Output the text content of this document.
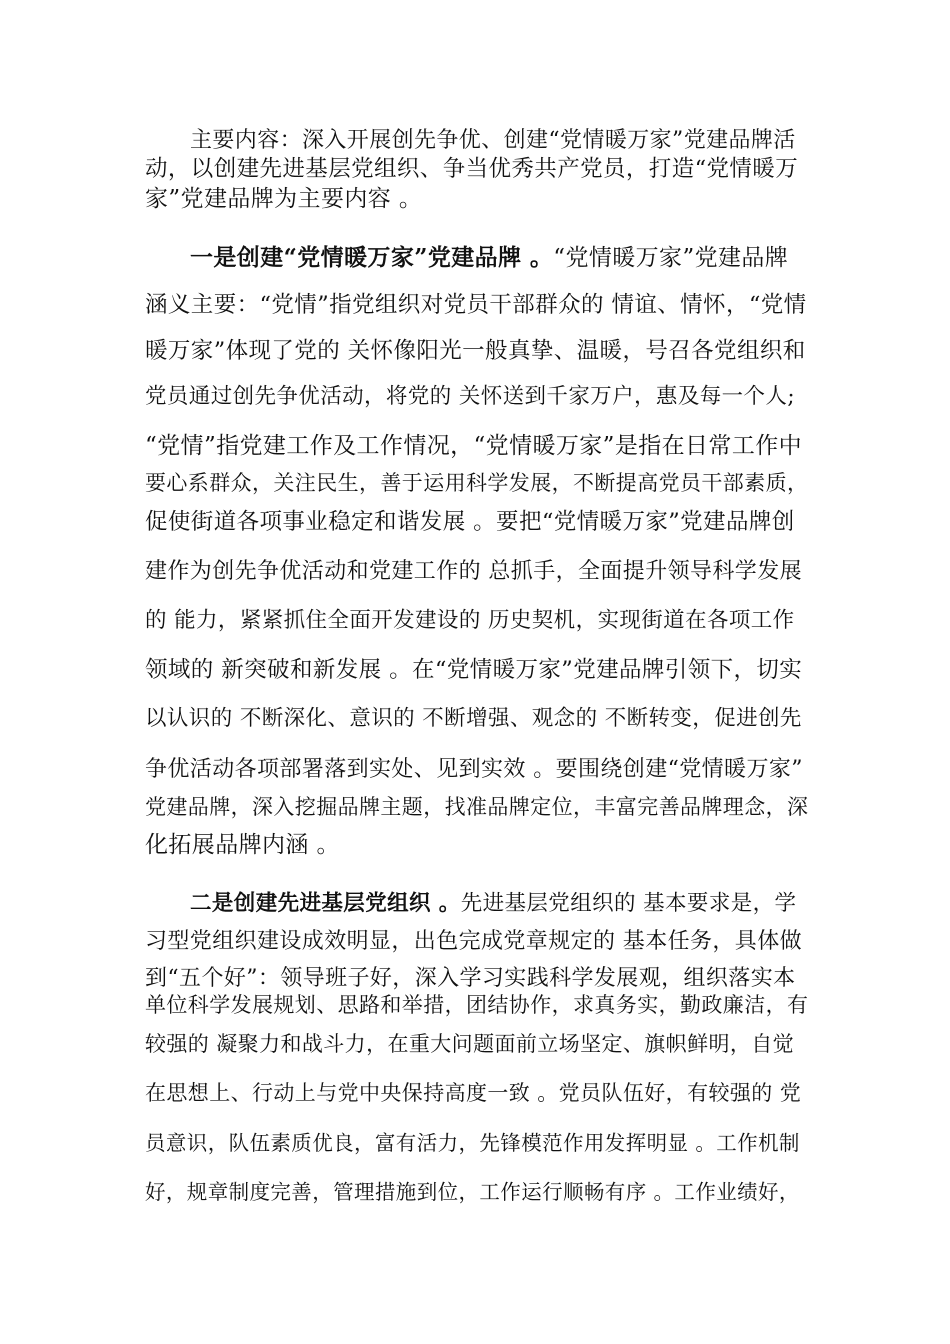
主要内容：深入开展创先争优、创建“党情暖万家”党建品牌活
动，以创建先进基层党组织、争当优秀共产党员，打造“党情暖万
家”党建品牌为主要内容 。
一是创建“党情暖万家”党建品牌 。“党情暖万家”党建品牌
涵义主要：“党情”指党组织对党员干部群众的 情谊、情怀，“党情
暖万家”体现了党的 关怀像阳光一般真挚、温暖，号召各党组织和
党员通过创先争优活动，将党的 关怀送到千家万户，惠及每一个人;
“党情”指党建工作及工作情况，“党情暖万家”是指在日常工作中
要心系群众，关注民生，善于运用科学发展，不断提高党员干部素质，
促使街道各项事业稳定和谐发展 。要把“党情暖万家”党建品牌创
建作为创先争优活动和党建工作的 总抓手，全面提升领导科学发展
的 能力，紧紧抓住全面开发建设的 历史契机，实现街道在各项工作
领域的 新突破和新发展 。在“党情暖万家”党建品牌引领下，切实
以认识的 不断深化、意识的 不断增强、观念的 不断转变，促进创先
争优活动各项部署落到实处、见到实效 。要围绕创建“党情暖万家”
党建品牌，深入挖掘品牌主题，找准品牌定位，丰富完善品牌理念，深
化拓展品牌内涵 。
二是创建先进基层党组织 。先进基层党组织的 基本要求是，学
习型党组织建设成效明显，出色完成党章规定的 基本任务，具体做
到“五个好”：领导班子好，深入学习实践科学发展观，组织落实本
单位科学发展规划、思路和举措，团结协作，求真务实，勤政廉洁，有
较强的 凝聚力和战斗力，在重大问题面前立场坚定、旗帜鲜明，自觉
在思想上、行动上与党中央保持高度一致 。党员队伍好，有较强的 党
员意识，队伍素质优良，富有活力，先锋模范作用发挥明显 。工作机制
好，规章制度完善，管理措施到位，工作运行顺畅有序 。工作业绩好，
